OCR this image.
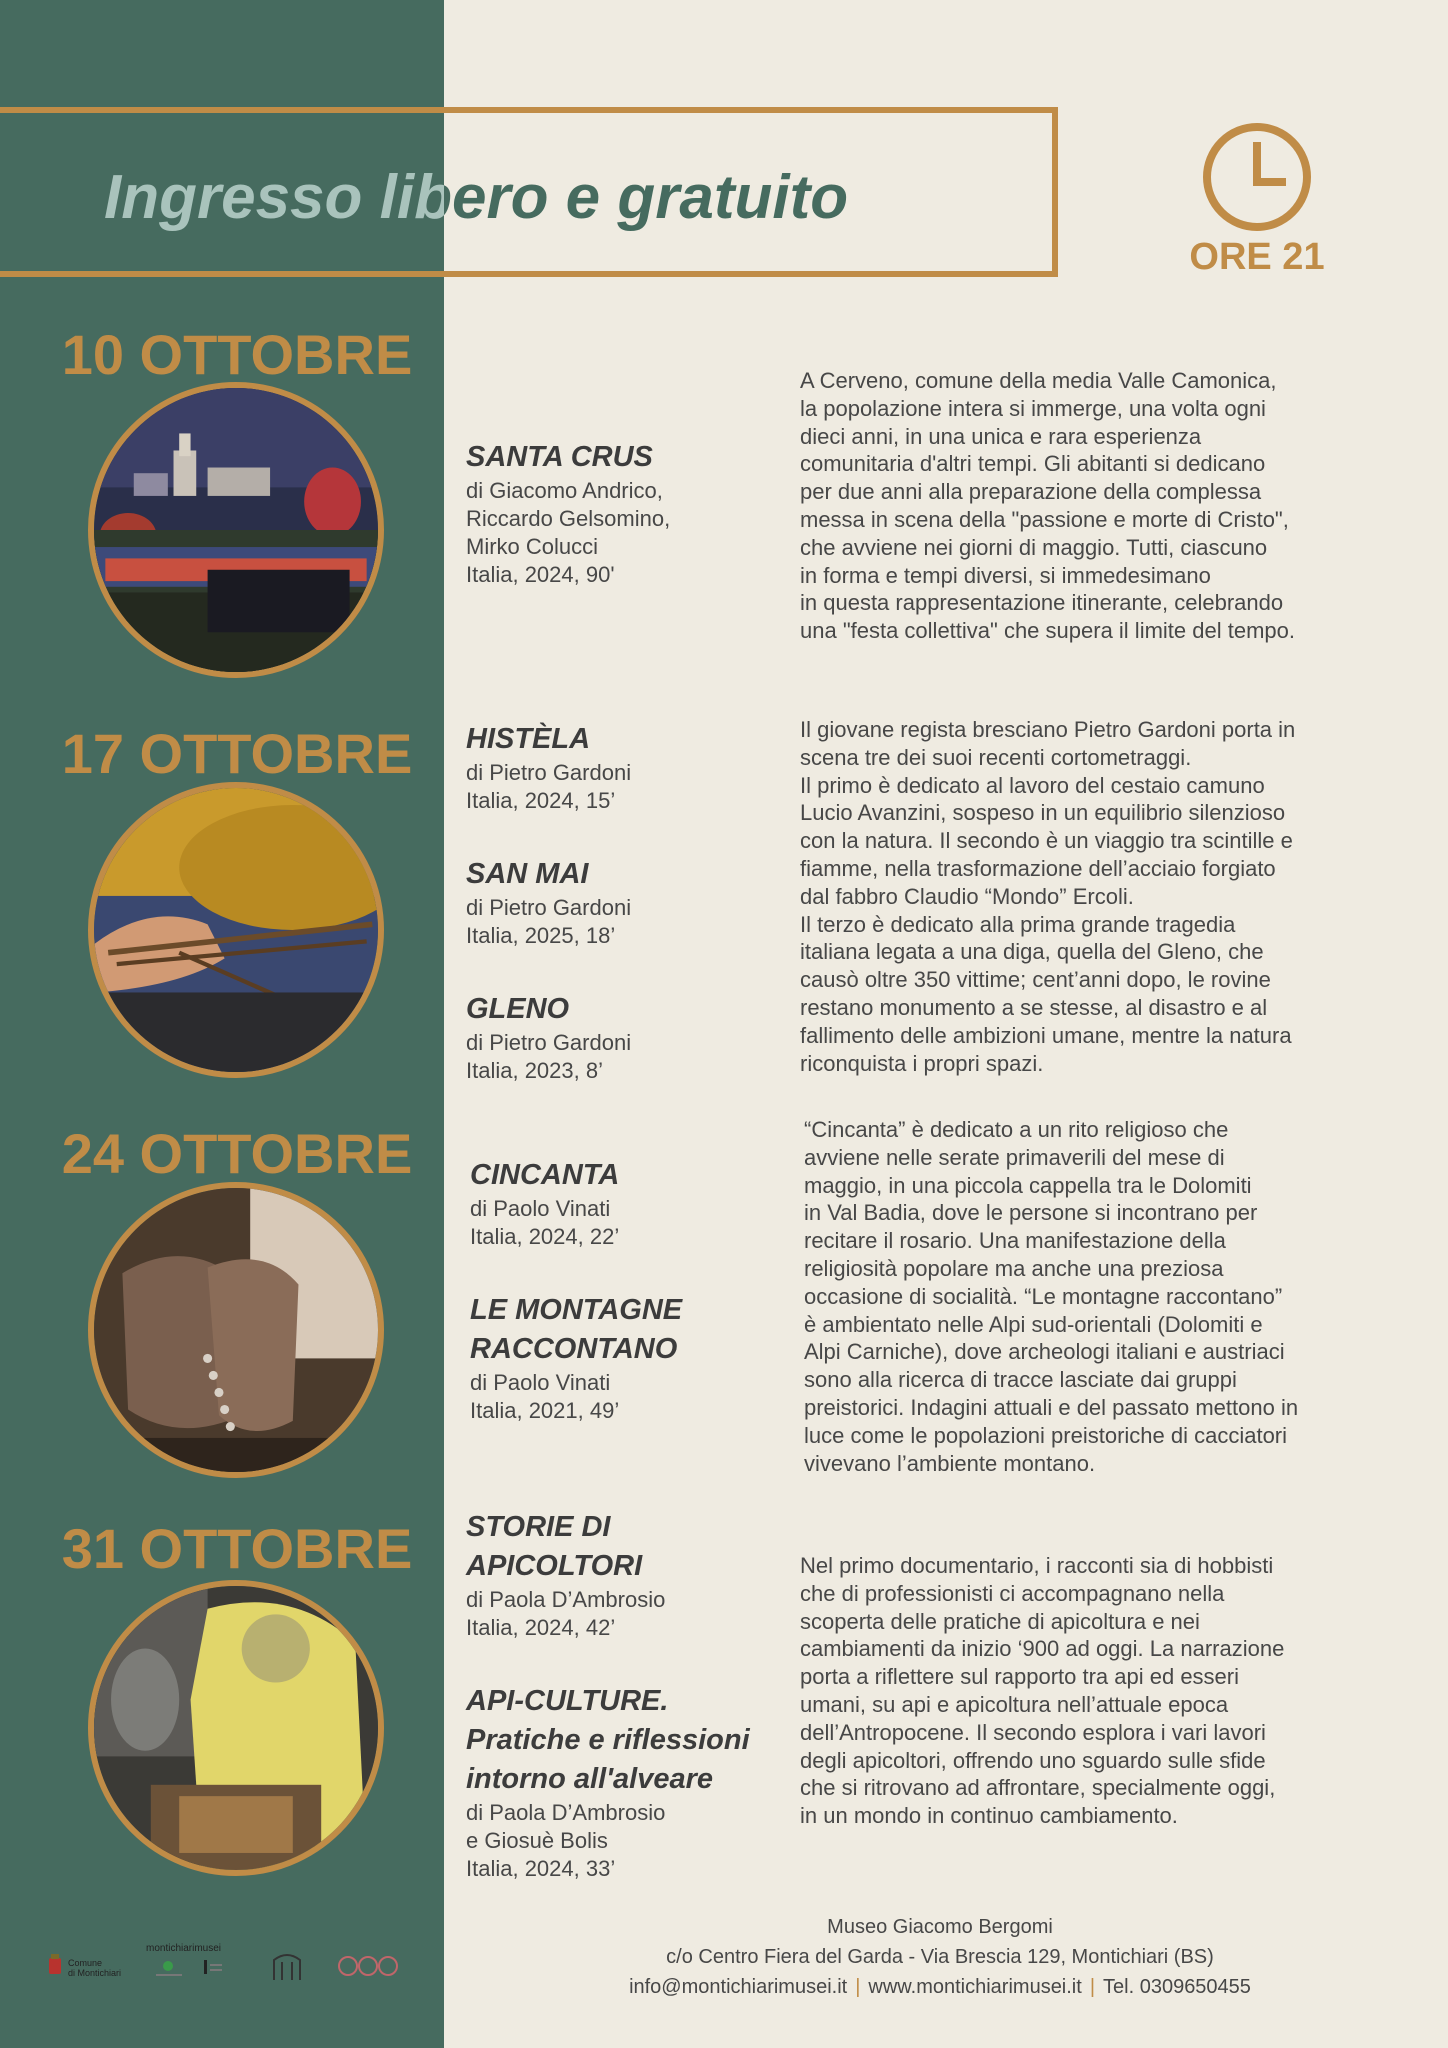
Ingresso libero e gratuito
ORE 21
10 OTTOBRE

SANTA CRUS

di Giacomo Andrico,

Riccardo Gelsomino,

Mirko Colucci

Italia, 2024, 90'

A Cerveno, comune della media Valle Camonica,

la popolazione intera si immerge, una volta ogni

dieci anni, in una unica e rara esperienza

comunitaria d'altri tempi. Gli abitanti si dedicano

per due anni alla preparazione della complessa

messa in scena della "passione e morte di Cristo",

che avviene nei giorni di maggio. Tutti, ciascuno

in forma e tempi diversi, si immedesimano

in questa rappresentazione itinerante, celebrando

una "festa collettiva" che supera il limite del tempo.

17 OTTOBRE	HISTÈLA

di Pietro Gardoni

Italia, 2024, 15’

SAN MAI

di Pietro Gardoni

Italia, 2025, 18’

GLENO

di Pietro Gardoni

Italia, 2023, 8’

Il giovane regista bresciano Pietro Gardoni porta in

scena tre dei suoi recenti cortometraggi.

Il primo è dedicato al lavoro del cestaio camuno

Lucio Avanzini, sospeso in un equilibrio silenzioso

con la natura. Il secondo è un viaggio tra scintille e

fiamme, nella trasformazione dell’acciaio forgiato

dal fabbro Claudio “Mondo” Ercoli.

Il terzo è dedicato alla prima grande tragedia

italiana legata a una diga, quella del Gleno, che

causò oltre 350 vittime; cent’anni dopo, le rovine

restano monumento a se stesse, al disastro e al

fallimento delle ambizioni umane, mentre la natura

riconquista i propri spazi.

24 OTTOBRE	CINCANTA

di Paolo Vinati

Italia, 2024, 22’

LE MONTAGNE RACCONTANO

di Paolo Vinati

Italia, 2021, 49’

“Cincanta” è dedicato a un rito religioso che

avviene nelle serate primaverili del mese di

maggio, in una piccola cappella tra le Dolomiti

in Val Badia, dove le persone si incontrano per

recitare il rosario. Una manifestazione della

religiosità popolare ma anche una preziosa

occasione di socialità. “Le montagne raccontano”

è ambientato nelle Alpi sud-orientali (Dolomiti e

Alpi Carniche), dove archeologi italiani e austriaci

sono alla ricerca di tracce lasciate dai gruppi

preistorici. Indagini attuali e del passato mettono in

luce come le popolazioni preistoriche di cacciatori

vivevano l’ambiente montano.

31 OTTOBRE	STORIE DI APICOLTORI

di Paola D’Ambrosio

Italia, 2024, 42’

API-CULTURE. Pratiche e riflessioni intorno all'alveare

di Paola D’Ambrosio

e Giosuè Bolis

Italia, 2024, 33’

Nel primo documentario, i racconti sia di hobbisti

che di professionisti ci accompagnano nella

scoperta delle pratiche di apicoltura e nei

cambiamenti da inizio ‘900 ad oggi. La narrazione

porta a riflettere sul rapporto tra api ed esseri

umani, su api e apicoltura nell’attuale epoca

dell’Antropocene. Il secondo esplora i vari lavori

degli apicoltori, offrendo uno sguardo sulle sfide

che si ritrovano ad affrontare, specialmente oggi,

in un mondo in continuo cambiamento.

Museo Giacomo Bergomi
c/o Centro Fiera del Garda - Via Brescia 129, Montichiari (BS)
info@montichiarimusei.it | www.montichiarimusei.it | Tel. 0309650455
Comune
di Montichiari
montichiarimusei
